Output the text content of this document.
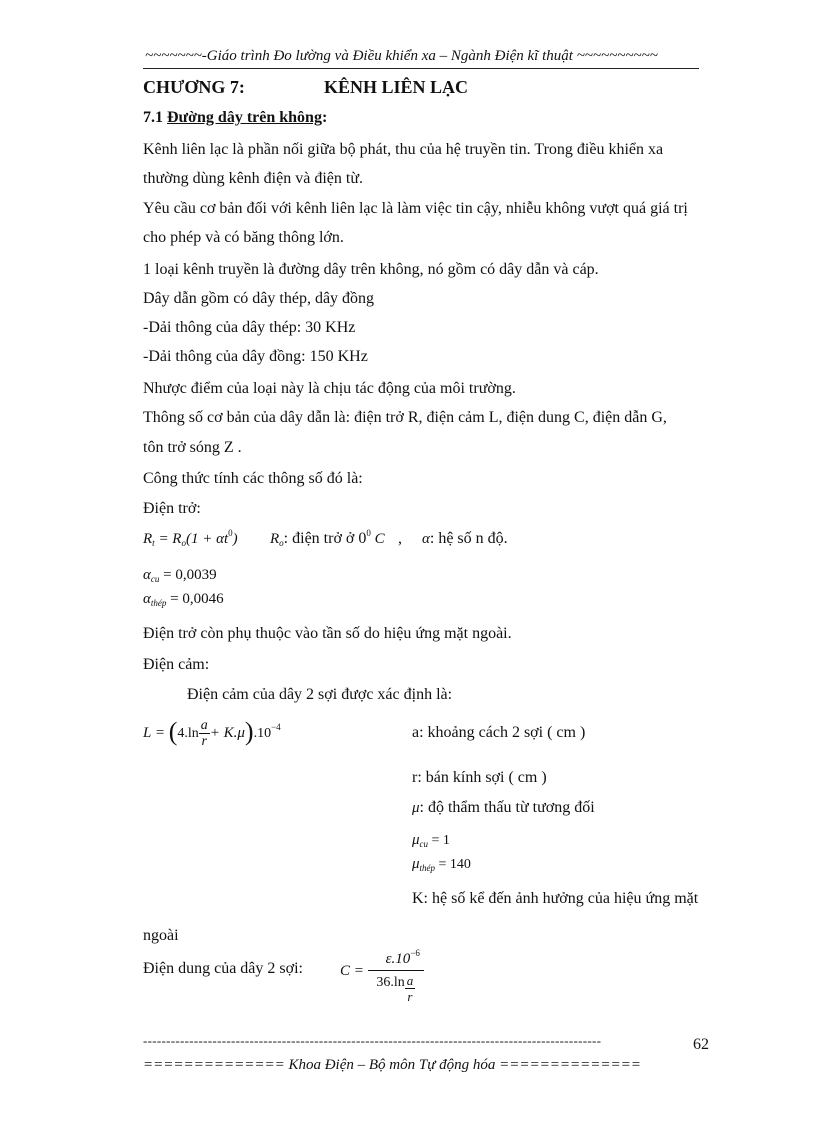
~~~~~~~-Giáo trình Đo lường và Điều khiển xa – Ngành Điện kĩ thuật ~~~~~~~~~~
CHƯƠNG 7:	KÊNH LIÊN LẠC
7.1 Đường dây trên không:
Kênh liên lạc là phần nối giữa bộ phát, thu của hệ truyền tin. Trong điều khiển xa
thường dùng kênh điện và điện từ.
Yêu cầu cơ bản đối với kênh liên lạc là làm việc tin cậy, nhiễu không vượt quá giá trị
cho phép và có băng thông lớn.
1 loại kênh truyền là đường dây trên không, nó gồm có dây dẫn và cáp.
Dây dẫn gồm có dây thép, dây đồng
-Dải thông của dây thép: 30 KHz
-Dải thông của dây đồng: 150 KHz
Nhược điểm của loại này là chịu tác động của môi trường.
Thông số cơ bản của dây dẫn là: điện trở R, điện cảm L, điện dung C, điện dẫn G,
tôn trở sóng Z .
Công thức tính các thông số đó là:
Điện trở:
$Rt = Ro(1 + \alpha t^0)$ Ro: điện trở ở $0^0$ C , α: hệ số n độ.
αcu = 0,0039
αthép = 0,0046
Điện trở còn phụ thuộc vào tần số do hiệu ứng mặt ngoài.
Điện cảm:
Điện cảm của dây 2 sợi được xác định là:
$L = (4.\ln \frac{a}{r} + K.\mu).10^{-4}$	a: khoảng cách 2 sợi ( cm )
r: bán kính sợi ( cm )
μ: độ thẩm thấu từ tương đối
μcu = 1
μthép = 140
K: hệ số kể đến ảnh hưởng của hiệu ứng mặt
ngoài
Điện dung của dây 2 sợi: $C = \frac{\varepsilon.10^{-6}}{36.\ln \frac{a}{r}}$
---------------------------------------------------------------------------------------------------	62
============== Khoa Điện – Bộ môn Tự động hóa ==============
